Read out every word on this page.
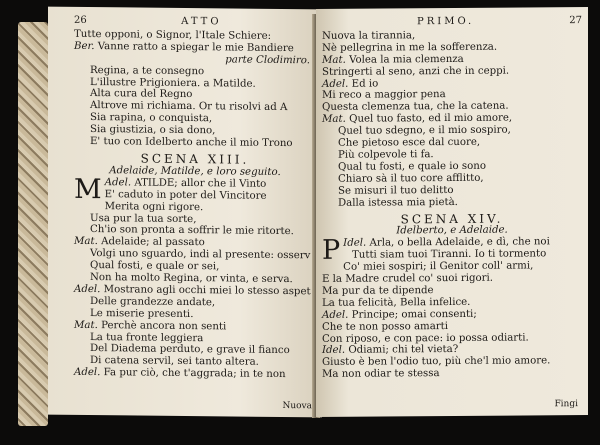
26	ATTO
Tutte opponi, o Signor, l'Itale Schiere:
Ber. Vanne ratto a spiegar le mie Bandiere
parte Clodimiro.
Regina, a te consegno
L'illustre Prigioniera. a Matilde.
Alta cura del Regno
Altrove mi richiama. Or tu risolvi ad A
Sia rapina, o conquista,
Sia giustizia, o sia dono,
E' tuo con Idelberto anche il mio Trono
SCENA XIII.
Adelaide, Matilde, e loro seguito.
Adel.
M	ATILDE; allor che il Vinto
E' caduto in poter del Vincitore
Merita ogni rigore.
Usa pur la tua sorte,
Ch'io son pronta a soffrir le mie ritorte.
Mat. Adelaide; al passato
Volgi uno sguardo, indi al presente: osserv
Qual fosti, e quale or sei,
Non ha molto Regina, or vinta, e serva.
Adel. Mostrano agli occhi miei lo stesso aspet
Delle grandezze andate,
Le miserie presenti.
Mat. Perchè ancora non senti
La tua fronte leggiera
Del Diadema perduto, e grave il fianco
Di catena servil, sei tanto altera.
Adel. Fa pur ciò, che t'aggrada; in te non
Nuova
PRIMO.	27
Nuova la tirannia,
Nè pellegrina in me la sofferenza.
Mat. Volea la mia clemenza
Stringerti al seno, anzi che in ceppi.
Adel. Ed io
Mi reco a maggior pena
Questa clemenza tua, che la catena.
Mat. Quel tuo fasto, ed il mio amore,
Quel tuo sdegno, e il mio sospiro,
Che pietoso esce dal cuore,
Più colpevole ti fa.
Qual tu fosti, e quale io sono
Chiaro sà il tuo core afflitto,
Se misuri il tuo delitto
Dalla istessa mia pietà.
SCENA XIV.
Idelberto, e Adelaide.
Idel.
P	Arla, o bella Adelaide, e dì, che noi
Tutti siam tuoi Tiranni. Io ti tormento
Co' miei sospiri; il Genitor coll' armi,
E la Madre crudel co' suoi rigori.
Ma pur da te dipende
La tua felicità, Bella infelice.
Adel. Principe; omai consenti;
Che te non posso amarti
Con riposo, e con pace: io possa odiarti.
Idel. Odiami; chi tel vieta?
Giusto è ben l'odio tuo, più che'l mio amore.
Ma non odiar te stessa
Fingi
